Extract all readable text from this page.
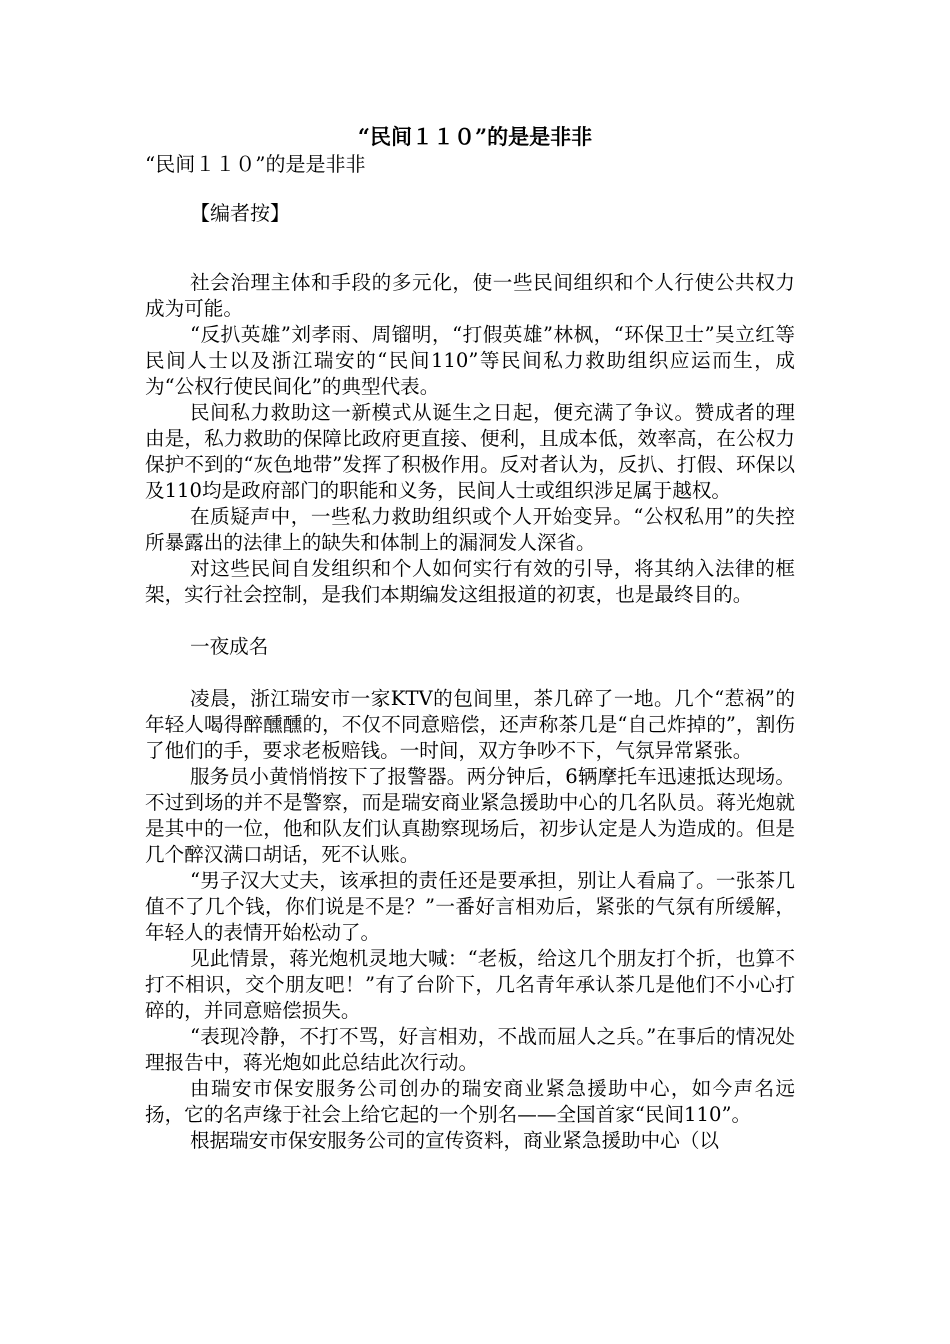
“民间１１０”的是是非非
“民间１１０”的是是非非
【编者按】

社会治理主体和手段的多元化，使一些民间组织和个人行使公共权力成为可能。

“反扒英雄”刘孝雨、周镏明，“打假英雄”林枫，“环保卫士”吴立红等民间人士以及浙江瑞安的“民间110”等民间私力救助组织应运而生，成为“公权行使民间化”的典型代表。

民间私力救助这一新模式从诞生之日起，便充满了争议。赞成者的理由是，私力救助的保障比政府更直接、便利，且成本低，效率高，在公权力保护不到的“灰色地带”发挥了积极作用。反对者认为，反扒、打假、环保以及110均是政府部门的职能和义务，民间人士或组织涉足属于越权。

在质疑声中，一些私力救助组织或个人开始变异。“公权私用”的失控所暴露出的法律上的缺失和体制上的漏洞发人深省。

对这些民间自发组织和个人如何实行有效的引导，将其纳入法律的框架，实行社会控制，是我们本期编发这组报道的初衷，也是最终目的。

一夜成名

凌晨，浙江瑞安市一家KTV的包间里，茶几碎了一地。几个“惹祸”的年轻人喝得醉醺醺的，不仅不同意赔偿，还声称茶几是“自己炸掉的”，割伤了他们的手，要求老板赔钱。一时间，双方争吵不下，气氛异常紧张。

服务员小黄悄悄按下了报警器。两分钟后，6辆摩托车迅速抵达现场。不过到场的并不是警察，而是瑞安商业紧急援助中心的几名队员。蒋光炮就是其中的一位，他和队友们认真勘察现场后，初步认定是人为造成的。但是几个醉汉满口胡话，死不认账。

“男子汉大丈夫，该承担的责任还是要承担，别让人看扁了。一张茶几值不了几个钱，你们说是不是？”一番好言相劝后，紧张的气氛有所缓解，年轻人的表情开始松动了。

见此情景，蒋光炮机灵地大喊：“老板，给这几个朋友打个折，也算不打不相识，交个朋友吧！”有了台阶下，几名青年承认茶几是他们不小心打碎的，并同意赔偿损失。

“表现冷静，不打不骂，好言相劝，不战而屈人之兵。”在事后的情况处理报告中，蒋光炮如此总结此次行动。

由瑞安市保安服务公司创办的瑞安商业紧急援助中心，如今声名远扬，它的名声缘于社会上给它起的一个别名——全国首家“民间110”。

根据瑞安市保安服务公司的宣传资料，商业紧急援助中心（以
